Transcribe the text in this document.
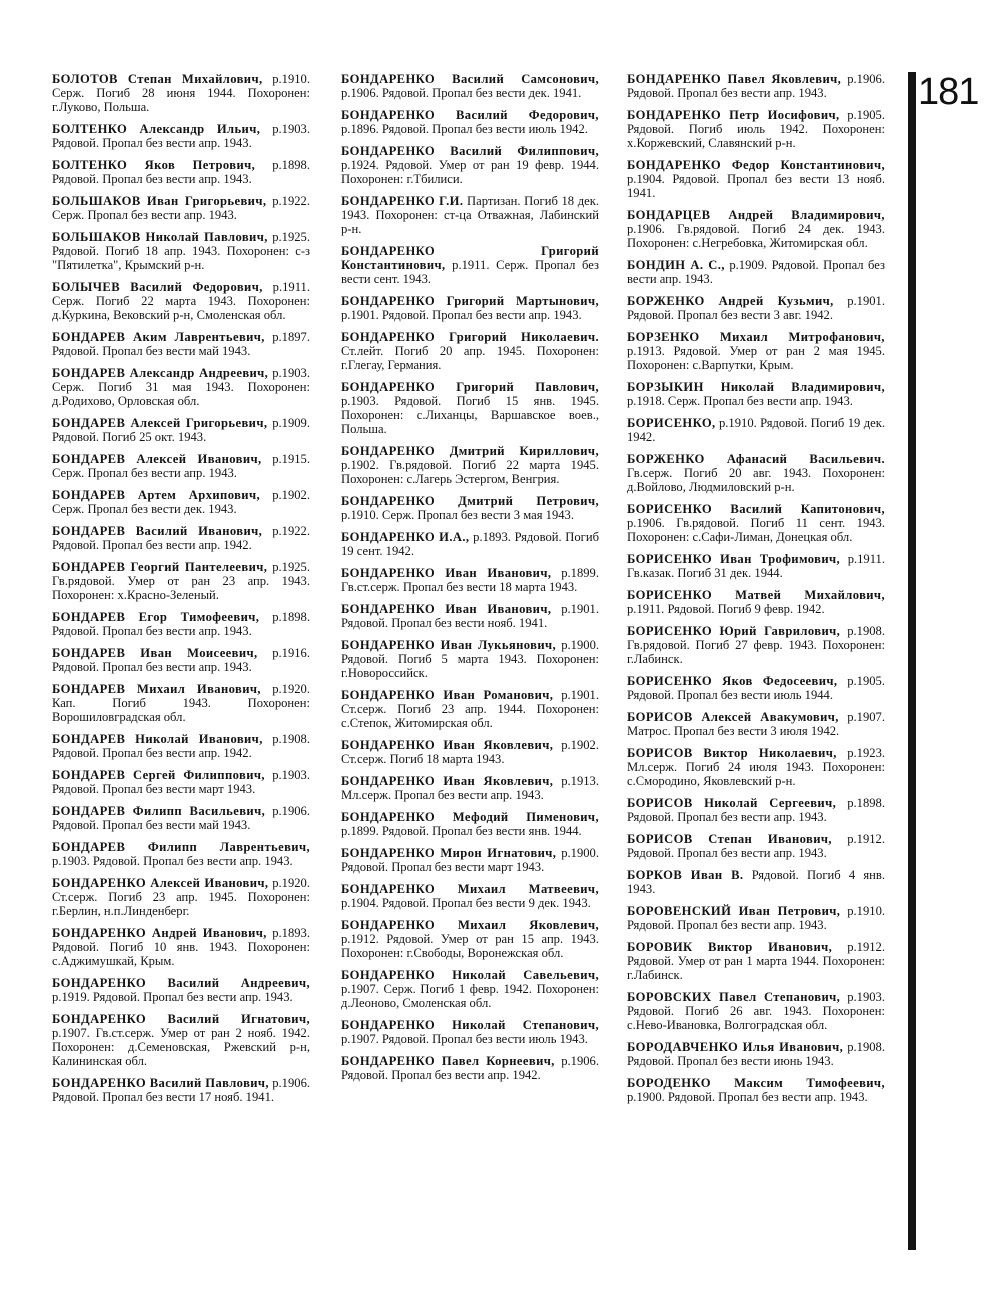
181

БОЛОТОВ Степан Михайлович, р.1910. Серж. Погиб 28 июня 1944. Похоронен: г.Луково, Польша.

БОЛТЕНКО Александр Ильич, р.1903. Рядовой. Пропал без вести апр. 1943.

БОЛТЕНКО Яков Петрович, р.1898. Рядовой. Пропал без вести апр. 1943.

БОЛЬШАКОВ Иван Григорьевич, р.1922. Серж. Пропал без вести апр. 1943.

БОЛЬШАКОВ Николай Павлович, р.1925. Рядовой. Погиб 18 апр. 1943. Похоронен: с-з "Пятилетка", Крымский р-н.

БОЛЫЧЕВ Василий Федорович, р.1911. Серж. Погиб 22 марта 1943. Похоронен: д.Куркина, Вековский р-н, Смоленская обл.

БОНДАРЕВ Аким Лаврентьевич, р.1897. Рядовой. Пропал без вести май 1943.

БОНДАРЕВ Александр Андреевич, р.1903. Серж. Погиб 31 мая 1943. Похоронен: д.Родихово, Орловская обл.

БОНДАРЕВ Алексей Григорьевич, р.1909. Рядовой. Погиб 25 окт. 1943.

БОНДАРЕВ Алексей Иванович, р.1915. Серж. Пропал без вести апр. 1943.

БОНДАРЕВ Артем Архипович, р.1902. Серж. Пропал без вести дек. 1943.

БОНДАРЕВ Василий Иванович, р.1922. Рядовой. Пропал без вести апр. 1942.

БОНДАРЕВ Георгий Пантелеевич, р.1925. Гв.рядовой. Умер от ран 23 апр. 1943. Похоронен: х.Красно-Зеленый.

БОНДАРЕВ Егор Тимофеевич, р.1898. Рядовой. Пропал без вести апр. 1943.

БОНДАРЕВ Иван Моисеевич, р.1916. Рядовой. Пропал без вести апр. 1943.

БОНДАРЕВ Михаил Иванович, р.1920. Кап. Погиб 1943. Похоронен: Ворошиловградская обл.

БОНДАРЕВ Николай Иванович, р.1908. Рядовой. Пропал без вести апр. 1942.

БОНДАРЕВ Сергей Филиппович, р.1903. Рядовой. Пропал без вести март 1943.

БОНДАРЕВ Филипп Васильевич, р.1906. Рядовой. Пропал без вести май 1943.

БОНДАРЕВ Филипп Лаврентьевич, р.1903. Рядовой. Пропал без вести апр. 1943.

БОНДАРЕНКО Алексей Иванович, р.1920. Ст.серж. Погиб 23 апр. 1945. Похоронен: г.Берлин, н.п.Линденберг.

БОНДАРЕНКО Андрей Иванович, р.1893. Рядовой. Погиб 10 янв. 1943. Похоронен: с.Аджимушкай, Крым.

БОНДАРЕНКО Василий Андреевич, р.1919. Рядовой. Пропал без вести апр. 1943.

БОНДАРЕНКО Василий Игнатович, р.1907. Гв.ст.серж. Умер от ран 2 нояб. 1942. Похоронен: д.Семеновская, Ржевский р-н, Калининская обл.

БОНДАРЕНКО Василий Павлович, р.1906. Рядовой. Пропал без вести 17 нояб. 1941.

БОНДАРЕНКО Василий Самсонович, р.1906. Рядовой. Пропал без вести дек. 1941.

БОНДАРЕНКО Василий Федорович, р.1896. Рядовой. Пропал без вести июль 1942.

БОНДАРЕНКО Василий Филиппович, р.1924. Рядовой. Умер от ран 19 февр. 1944. Похоронен: г.Тбилиси.

БОНДАРЕНКО Г.И. Партизан. Погиб 18 дек. 1943. Похоронен: ст-ца Отважная, Лабинский р-н.

БОНДАРЕНКО Григорий Константинович, р.1911. Серж. Пропал без вести сент. 1943.

БОНДАРЕНКО Григорий Мартынович, р.1901. Рядовой. Пропал без вести апр. 1943.

БОНДАРЕНКО Григорий Николаевич. Ст.лейт. Погиб 20 апр. 1945. Похоронен: г.Глегау, Германия.

БОНДАРЕНКО Григорий Павлович, р.1903. Рядовой. Погиб 15 янв. 1945. Похоронен: с.Лиханцы, Варшавское воев., Польша.

БОНДАРЕНКО Дмитрий Кириллович, р.1902. Гв.рядовой. Погиб 22 марта 1945. Похоронен: с.Лагерь Эстергом, Венгрия.

БОНДАРЕНКО Дмитрий Петрович, р.1910. Серж. Пропал без вести 3 мая 1943.

БОНДАРЕНКО И.А., р.1893. Рядовой. Погиб 19 сент. 1942.

БОНДАРЕНКО Иван Иванович, р.1899. Гв.ст.серж. Пропал без вести 18 марта 1943.

БОНДАРЕНКО Иван Иванович, р.1901. Рядовой. Пропал без вести нояб. 1941.

БОНДАРЕНКО Иван Лукьянович, р.1900. Рядовой. Погиб 5 марта 1943. Похоронен: г.Новороссийск.

БОНДАРЕНКО Иван Романович, р.1901. Ст.серж. Погиб 23 апр. 1944. Похоронен: с.Степок, Житомирская обл.

БОНДАРЕНКО Иван Яковлевич, р.1902. Ст.серж. Погиб 18 марта 1943.

БОНДАРЕНКО Иван Яковлевич, р.1913. Мл.серж. Пропал без вести апр. 1943.

БОНДАРЕНКО Мефодий Пименович, р.1899. Рядовой. Пропал без вести янв. 1944.

БОНДАРЕНКО Мирон Игнатович, р.1900. Рядовой. Пропал без вести март 1943.

БОНДАРЕНКО Михаил Матвеевич, р.1904. Рядовой. Пропал без вести 9 дек. 1943.

БОНДАРЕНКО Михаил Яковлевич, р.1912. Рядовой. Умер от ран 15 апр. 1943. Похоронен: г.Свободы, Воронежская обл.

БОНДАРЕНКО Николай Савельевич, р.1907. Серж. Погиб 1 февр. 1942. Похоронен: д.Леоново, Смоленская обл.

БОНДАРЕНКО Николай Степанович, р.1907. Рядовой. Пропал без вести июль 1943.

БОНДАРЕНКО Павел Корнеевич, р.1906. Рядовой. Пропал без вести апр. 1942.

БОНДАРЕНКО Павел Яковлевич, р.1906. Рядовой. Пропал без вести апр. 1943.

БОНДАРЕНКО Петр Иосифович, р.1905. Рядовой. Погиб июль 1942. Похоронен: х.Коржевский, Славянский р-н.

БОНДАРЕНКО Федор Константинович, р.1904. Рядовой. Пропал без вести 13 нояб. 1941.

БОНДАРЦЕВ Андрей Владимирович, р.1906. Гв.рядовой. Погиб 24 дек. 1943. Похоронен: с.Негребовка, Житомирская обл.

БОНДИН А. С., р.1909. Рядовой. Пропал без вести апр. 1943.

БОРЖЕНКО Андрей Кузьмич, р.1901. Рядовой. Пропал без вести 3 авг. 1942.

БОРЗЕНКО Михаил Митрофанович, р.1913. Рядовой. Умер от ран 2 мая 1945. Похоронен: с.Варпутки, Крым.

БОРЗЫКИН Николай Владимирович, р.1918. Серж. Пропал без вести апр. 1943.

БОРИСЕНКО, р.1910. Рядовой. Погиб 19 дек. 1942.

БОРЖЕНКО Афанасий Васильевич. Гв.серж. Погиб 20 авг. 1943. Похоронен: д.Войлово, Людмиловский р-н.

БОРИСЕНКО Василий Капитонович, р.1906. Гв.рядовой. Погиб 11 сент. 1943. Похоронен: с.Сафи-Лиман, Донецкая обл.

БОРИСЕНКО Иван Трофимович, р.1911. Гв.казак. Погиб 31 дек. 1944.

БОРИСЕНКО Матвей Михайлович, р.1911. Рядовой. Погиб 9 февр. 1942.

БОРИСЕНКО Юрий Гаврилович, р.1908. Гв.рядовой. Погиб 27 февр. 1943. Похоронен: г.Лабинск.

БОРИСЕНКО Яков Федосеевич, р.1905. Рядовой. Пропал без вести июль 1944.

БОРИСОВ Алексей Авакумович, р.1907. Матрос. Пропал без вести 3 июля 1942.

БОРИСОВ Виктор Николаевич, р.1923. Мл.серж. Погиб 24 июля 1943. Похоронен: с.Смородино, Яковлевский р-н.

БОРИСОВ Николай Сергеевич, р.1898. Рядовой. Пропал без вести апр. 1943.

БОРИСОВ Степан Иванович, р.1912. Рядовой. Пропал без вести апр. 1943.

БОРКОВ Иван В. Рядовой. Погиб 4 янв. 1943.

БОРОВЕНСКИЙ Иван Петрович, р.1910. Рядовой. Пропал без вести апр. 1943.

БОРОВИК Виктор Иванович, р.1912. Рядовой. Умер от ран 1 марта 1944. Похоронен: г.Лабинск.

БОРОВСКИХ Павел Степанович, р.1903. Рядовой. Погиб 26 авг. 1943. Похоронен: с.Нево-Ивановка, Волгоградская обл.

БОРОДАВЧЕНКО Илья Иванович, р.1908. Рядовой. Пропал без вести июнь 1943.

БОРОДЕНКО Максим Тимофеевич, р.1900. Рядовой. Пропал без вести апр. 1943.
